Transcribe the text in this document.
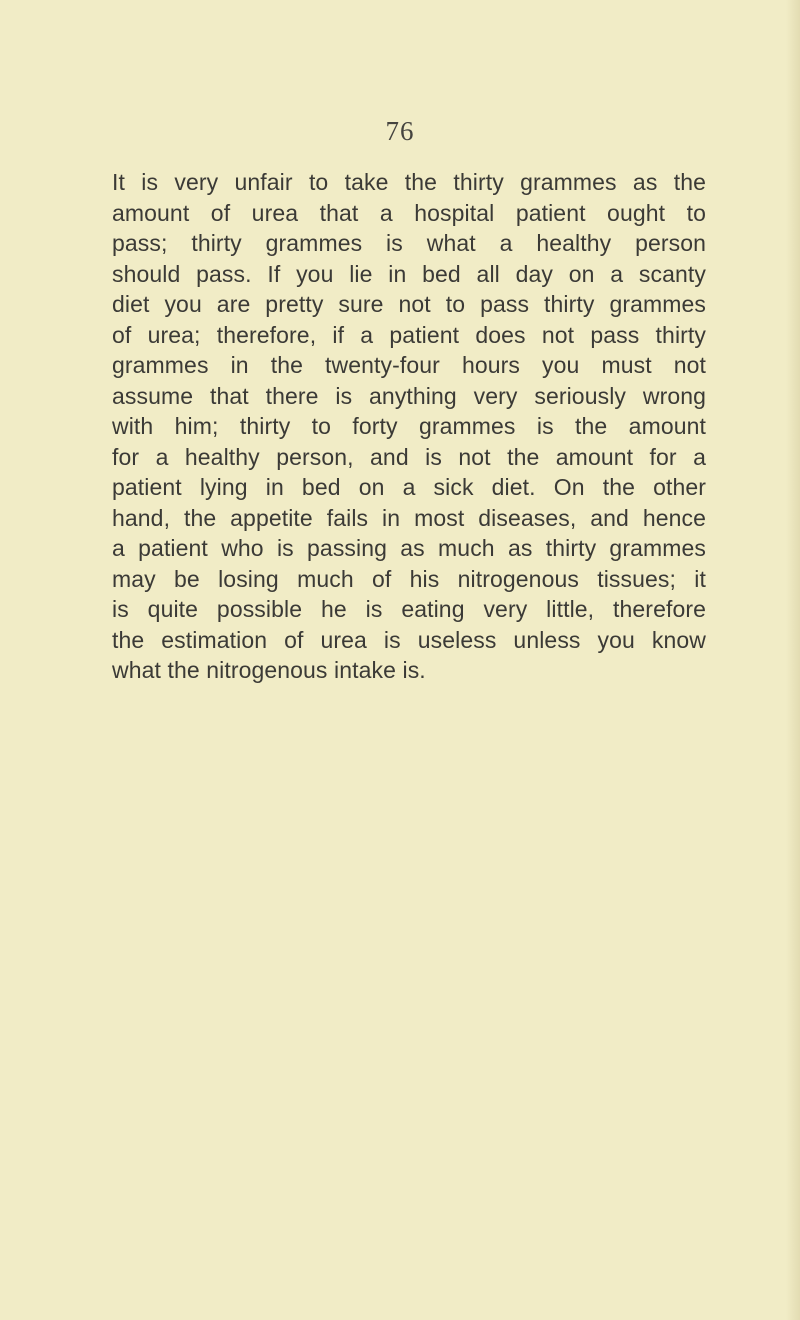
76
It is very unfair to take the thirty grammes as the
amount of urea that a hospital patient ought to
pass; thirty grammes is what a healthy person
should pass. If you lie in bed all day on a scanty
diet you are pretty sure not to pass thirty grammes
of urea; therefore, if a patient does not pass thirty
grammes in the twenty-four hours you must not
assume that there is anything very seriously wrong
with him; thirty to forty grammes is the amount
for a healthy person, and is not the amount for a
patient lying in bed on a sick diet. On the other
hand, the appetite fails in most diseases, and hence
a patient who is passing as much as thirty grammes
may be losing much of his nitrogenous tissues; it
is quite possible he is eating very little, therefore
the estimation of urea is useless unless you know
what the nitrogenous intake is.
